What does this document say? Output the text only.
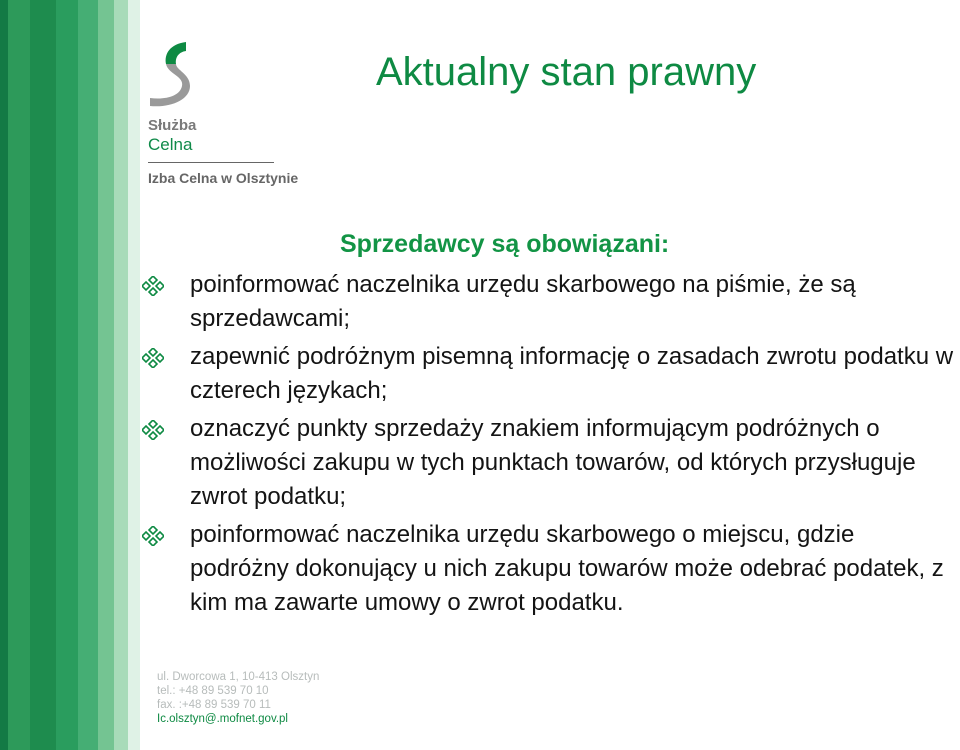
Służba
Celna
Izba Celna w Olsztynie
Aktualny stan prawny
Sprzedawcy są obowiązani:
poinformować naczelnika urzędu skarbowego na piśmie, że są sprzedawcami;
zapewnić podróżnym pisemną informację o zasadach zwrotu podatku w czterech językach;
oznaczyć punkty sprzedaży znakiem informującym podróżnych o możliwości zakupu w tych punktach towarów, od których przysługuje zwrot podatku;
poinformować naczelnika urzędu skarbowego o miejscu, gdzie podróżny dokonujący u nich zakupu towarów może odebrać podatek, z kim ma zawarte umowy o zwrot podatku.
ul. Dworcowa 1, 10-413 Olsztyn
tel.: +48 89 539 70 10
fax. :+48 89 539 70 11
Ic.olsztyn@.mofnet.gov.pl
